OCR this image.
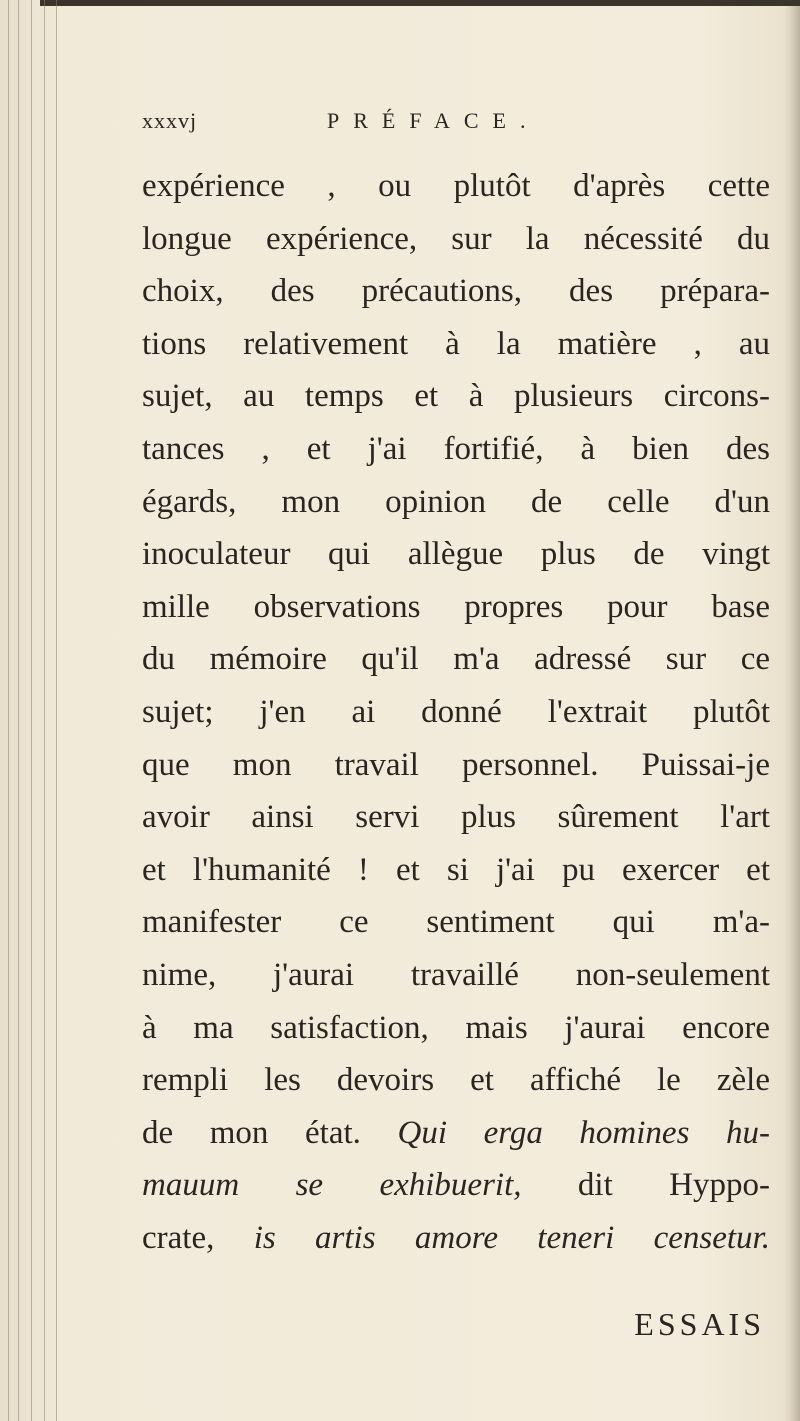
xxxvj	PRÉFACE.
expérience , ou plutôt d'après cette
longue expérience, sur la nécessité du
choix, des précautions, des prépara-
tions relativement à la matière , au
sujet, au temps et à plusieurs circons-
tances , et j'ai fortifié, à bien des
égards, mon opinion de celle d'un
inoculateur qui allègue plus de vingt
mille observations propres pour base
du mémoire qu'il m'a adressé sur ce
sujet; j'en ai donné l'extrait plutôt
que mon travail personnel. Puissai-je
avoir ainsi servi plus sûrement l'art
et l'humanité ! et si j'ai pu exercer et
manifester ce sentiment qui m'a-
nime, j'aurai travaillé non-seulement
à ma satisfaction, mais j'aurai encore
rempli les devoirs et affiché le zèle
de mon état. Qui erga homines hu-
mauum se exhibuerit, dit Hyppo-
crate, is artis amore teneri censetur.
ESSAIS
